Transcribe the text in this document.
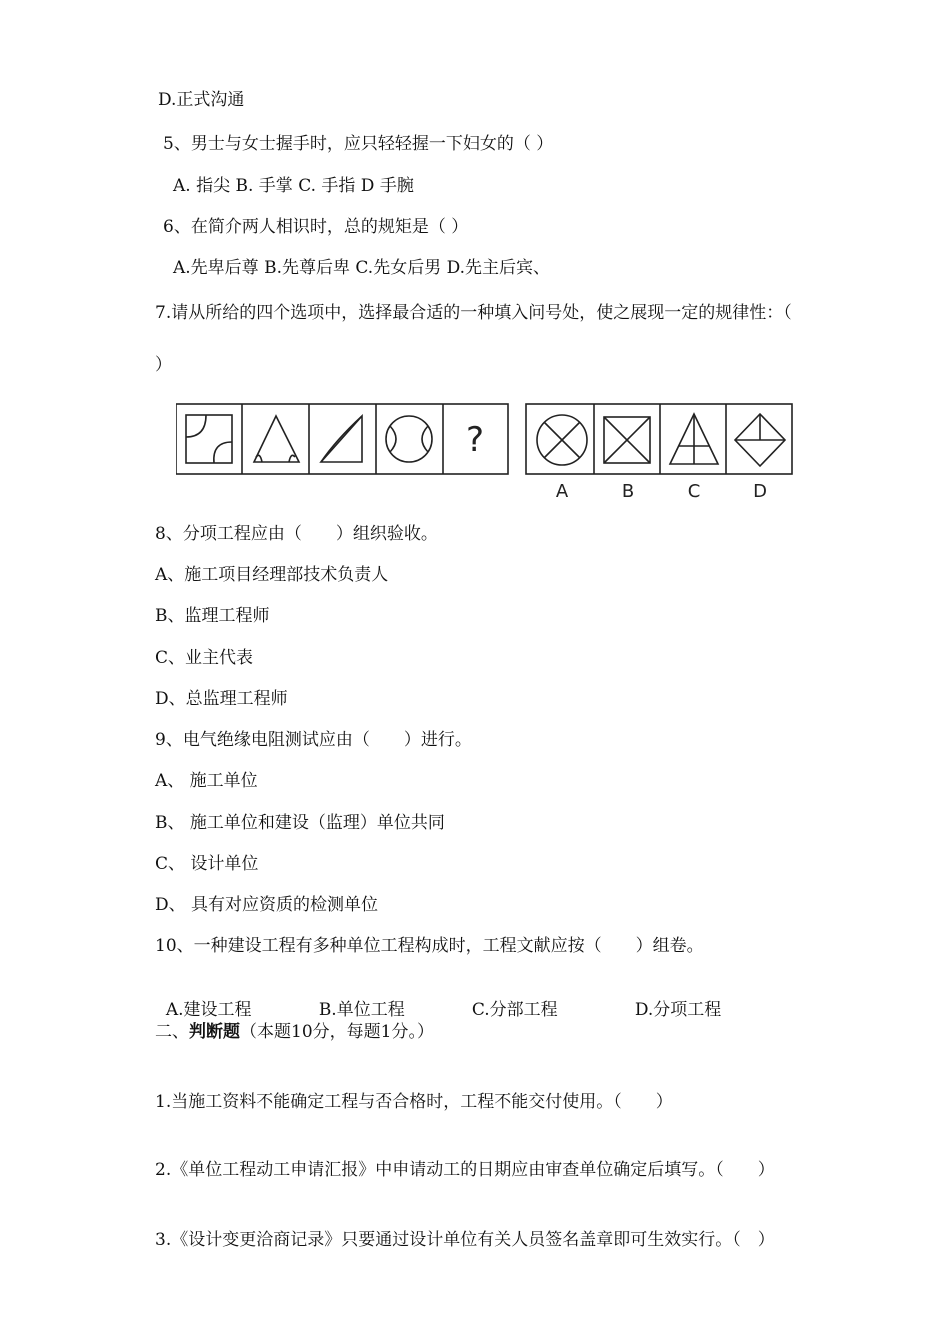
D.正式沟通
5、男士与女士握手时，应只轻轻握一下妇女的（ ）
A. 指尖 B. 手掌 C. 手指 D 手腕
6、在简介两人相识时，总的规矩是（ ）
A.先卑后尊 B.先尊后卑 C.先女后男 D.先主后宾、
7.请从所给的四个选项中，选择最合适的一种填入问号处，使之展现一定的规律性：（
）
?
A	B	C	D
8、分项工程应由（　　）组织验收。
A、施工项目经理部技术负责人
B、监理工程师
C、业主代表
D、总监理工程师
9、电气绝缘电阻测试应由（　　）进行。
A、 施工单位
B、 施工单位和建设（监理）单位共同
C、 设计单位
D、 具有对应资质的检测单位
10、一种建设工程有多种单位工程构成时，工程文献应按（　　）组卷。

A.建设工程	B.单位工程	C.分部工程	D.分项工程

二、判断题（本题10分，每题1分。）
1.当施工资料不能确定工程与否合格时，工程不能交付使用。（　　）
2.《单位工程动工申请汇报》中申请动工的日期应由审查单位确定后填写。（　　）
3.《设计变更洽商记录》只要通过设计单位有关人员签名盖章即可生效实行。（　）
